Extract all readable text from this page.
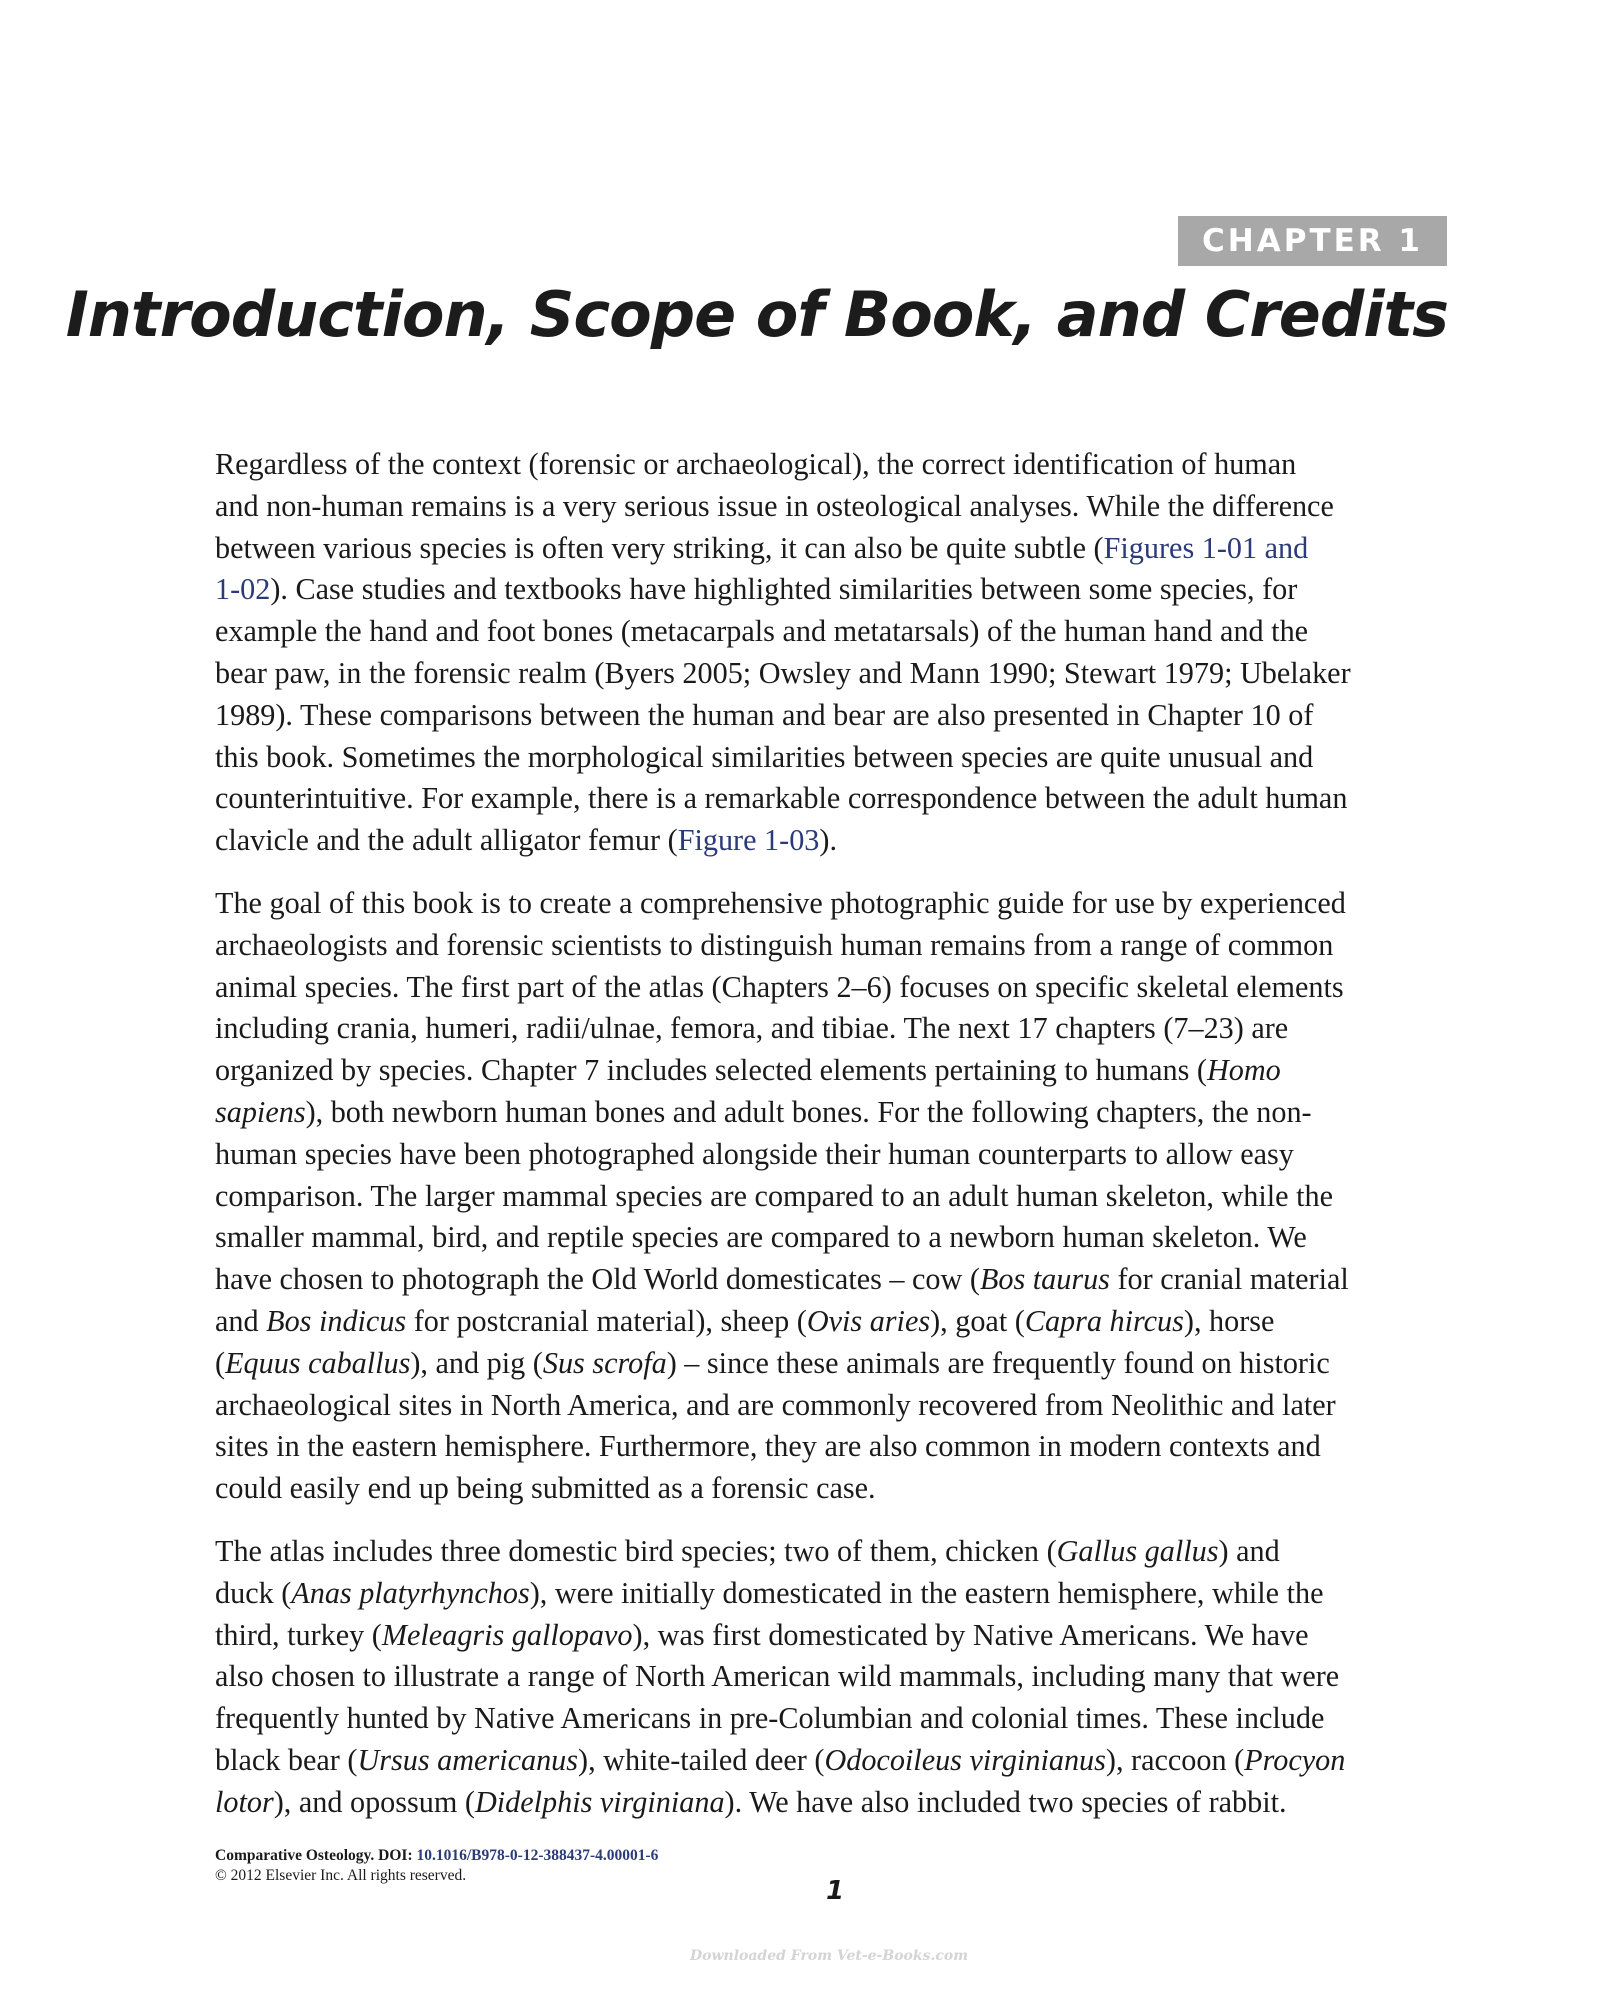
CHAPTER 1
Introduction, Scope of Book, and Credits

Regardless of the context (forensic or archaeological), the correct identification of human
and non-human remains is a very serious issue in osteological analyses. While the difference
between various species is often very striking, it can also be quite subtle (Figures 1-01 and
1-02). Case studies and textbooks have highlighted similarities between some species, for
example the hand and foot bones (metacarpals and metatarsals) of the human hand and the
bear paw, in the forensic realm (Byers 2005; Owsley and Mann 1990; Stewart 1979; Ubelaker
1989). These comparisons between the human and bear are also presented in Chapter 10 of
this book. Sometimes the morphological similarities between species are quite unusual and
counterintuitive. For example, there is a remarkable correspondence between the adult human
clavicle and the adult alligator femur (Figure 1-03).

The goal of this book is to create a comprehensive photographic guide for use by experienced
archaeologists and forensic scientists to distinguish human remains from a range of common
animal species. The first part of the atlas (Chapters 2–6) focuses on specific skeletal elements
including crania, humeri, radii/ulnae, femora, and tibiae. The next 17 chapters (7–23) are
organized by species. Chapter 7 includes selected elements pertaining to humans (Homo
sapiens), both newborn human bones and adult bones. For the following chapters, the non-
human species have been photographed alongside their human counterparts to allow easy
comparison. The larger mammal species are compared to an adult human skeleton, while the
smaller mammal, bird, and reptile species are compared to a newborn human skeleton. We
have chosen to photograph the Old World domesticates – cow (Bos taurus for cranial material
and Bos indicus for postcranial material), sheep (Ovis aries), goat (Capra hircus), horse
(Equus caballus), and pig (Sus scrofa) – since these animals are frequently found on historic
archaeological sites in North America, and are commonly recovered from Neolithic and later
sites in the eastern hemisphere. Furthermore, they are also common in modern contexts and
could easily end up being submitted as a forensic case.

The atlas includes three domestic bird species; two of them, chicken (Gallus gallus) and
duck (Anas platyrhynchos), were initially domesticated in the eastern hemisphere, while the
third, turkey (Meleagris gallopavo), was first domesticated by Native Americans. We have
also chosen to illustrate a range of North American wild mammals, including many that were
frequently hunted by Native Americans in pre-Columbian and colonial times. These include
black bear (Ursus americanus), white-tailed deer (Odocoileus virginianus), raccoon (Procyon
lotor), and opossum (Didelphis virginiana). We have also included two species of rabbit.

Comparative Osteology. DOI: 10.1016/B978-0-12-388437-4.00001-6
© 2012 Elsevier Inc. All rights reserved.
1
Downloaded From Vet-e-Books.com
